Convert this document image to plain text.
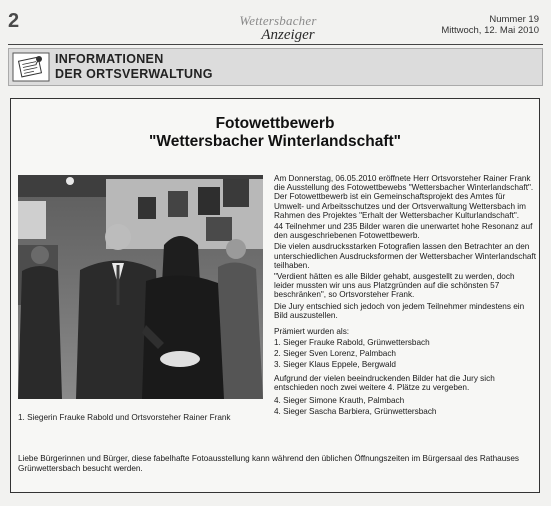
2	Wettersbacher
Anzeiger
Nummer 19
Mittwoch, 12. Mai 2010
INFORMATIONEN
DER ORTSVERWALTUNG
Fotowettbewerb
"Wettersbacher Winterlandschaft"
1. Siegerin Frauke Rabold und Ortsvorsteher Rainer Frank

Am Donnerstag, 06.05.2010 eröffnete Herr Ortsvorsteher Rainer Frank die Ausstellung des Fotowettbewebs "Wettersbacher Winterlandschaft". Der Fotowettbewerb ist ein Gemeinschaftsprojekt des Amtes für Umwelt- und Arbeitsschutzes und der Ortsverwaltung Wettersbach im Rahmen des Projektes "Erhalt der Wettersbacher Kulturlandschaft".

44 Teilnehmer und 235 Bilder waren die unerwartet hohe Resonanz auf den ausgeschriebenen Fotowettbewerb.

Die vielen ausdrucksstarken Fotografien lassen den Betrachter an den unterschiedlichen Ausdrucksformen der Wettersbacher Winterlandschaft teilhaben.

"Verdient hätten es alle Bilder gehabt, ausgestellt zu werden, doch leider mussten wir uns aus Platzgründen auf die schönsten 57 beschränken", so Ortsvorsteher Frank.

Die Jury entschied sich jedoch von jedem Teilnehmer mindestens ein Bild auszustellen.

Prämiert wurden als:
1. Sieger Frauke Rabold, Grünwettersbach
2. Sieger Sven Lorenz, Palmbach
3. Sieger Klaus Eppele, Bergwald

Aufgrund der vielen beeindruckenden Bilder hat die Jury sich entschieden noch zwei weitere 4. Plätze zu vergeben.

4. Sieger Simone Krauth, Palmbach
4. Sieger Sascha Barbiera, Grünwettersbach
Liebe Bürgerinnen und Bürger, diese fabelhafte Fotoausstellung kann während den üblichen Öffnungszeiten im Bürgersaal des Rathauses Grünwettersbach besucht werden.
